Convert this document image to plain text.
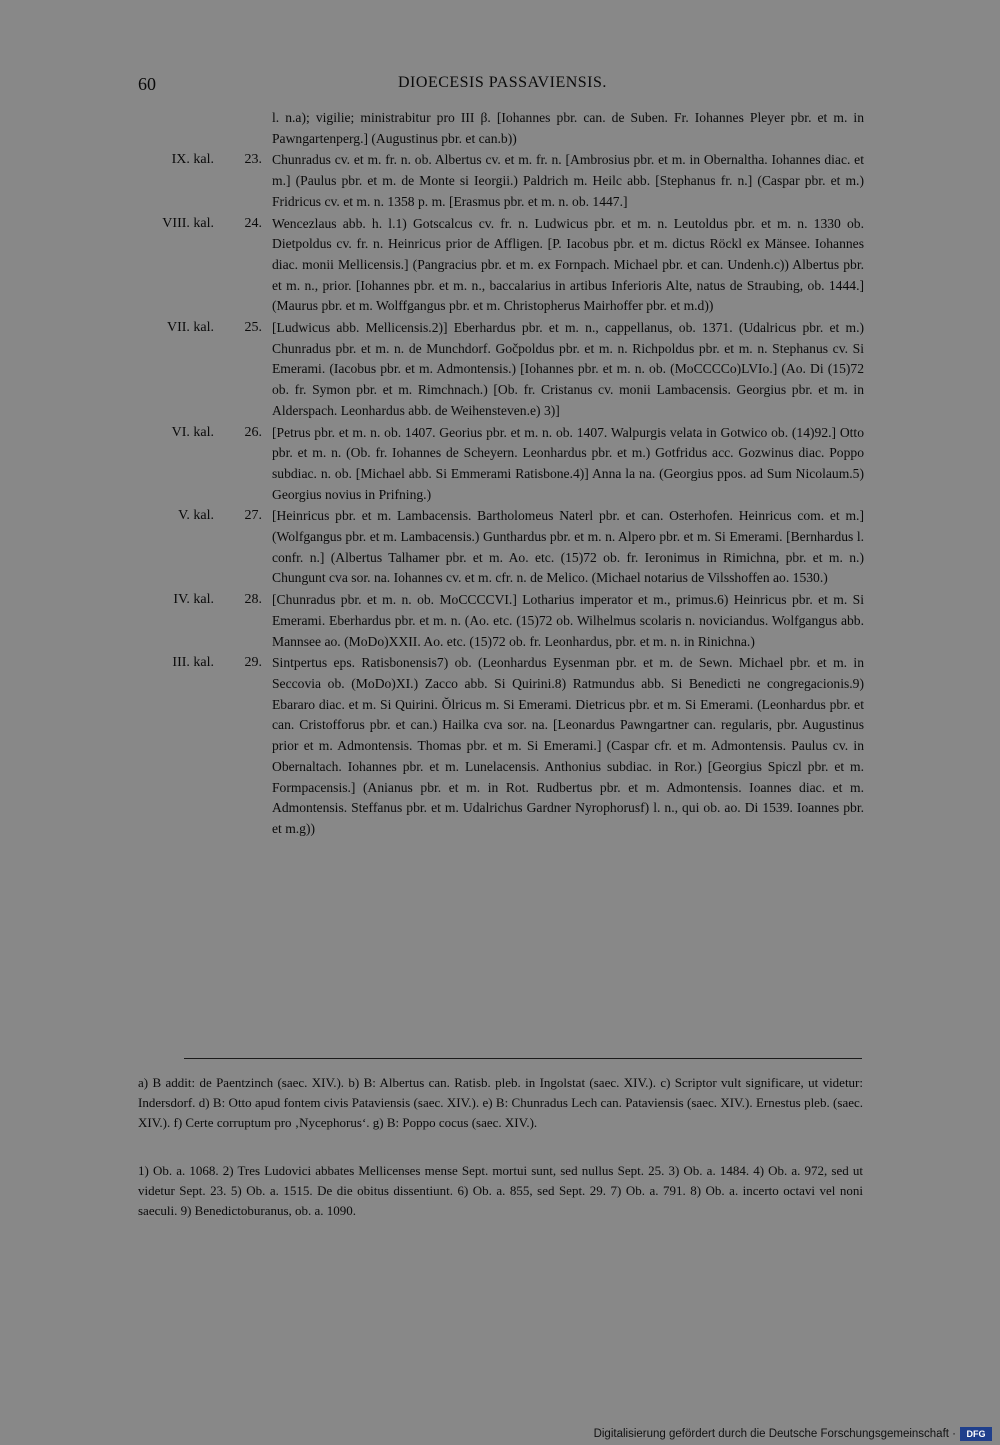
60	DIOECESIS PASSAVIENSIS.
l. n.a); vigilie; ministrabitur pro III β. [Iohannes pbr. can. de Suben. Fr. Iohannes Pleyer pbr. et m. in Pawngartenperg.] (Augustinus pbr. et can.b))
IX. kal. 23. Chunradus cv. et m. fr. n. ob. Albertus cv. et m. fr. n. [Ambrosius pbr. et m. in Obernaltha. Iohannes diac. et m.] (Paulus pbr. et m. de Monte si Ieorgii.) Paldrich m. Heilc abb. [Stephanus fr. n.] (Caspar pbr. et m.) Fridricus cv. et m. n. 1358 p. m. [Erasmus pbr. et m. n. ob. 1447.]
VIII. kal. 24. Wencezlaus abb. h. l.1) Gotscalcus cv. fr. n. Ludwicus pbr. et m. n. Leutoldus pbr. et m. n. 1330 ob. Dietpoldus cv. fr. n. Heinricus prior de Affligen. [P. Iacobus pbr. et m. dictus Röckl ex Mänsee. Iohannes diac. monii Mellicensis.] (Pangracius pbr. et m. ex Fornpach. Michael pbr. et can. Undenh.c)) Albertus pbr. et m. n., prior. [Iohannes pbr. et m. n., baccalarius in artibus Inferioris Alte, natus de Straubing, ob. 1444.] (Maurus pbr. et m. Wolffgangus pbr. et m. Christopherus Mairhoffer pbr. et m.d))
VII. kal. 25. [Ludwicus abb. Mellicensis.2)] Eberhardus pbr. et m. n., cappellanus, ob. 1371. (Udalricus pbr. et m.) Chunradus pbr. et m. n. de Munchdorf. Gočpoldus pbr. et m. n. Richpoldus pbr. et m. n. Stephanus cv. Si Emerami. (Iacobus pbr. et m. Admontensis.) [Iohannes pbr. et m. n. ob. (MoCCCCo)LVIo.] (Ao. Di (15)72 ob. fr. Symon pbr. et m. Rimchnach.) [Ob. fr. Cristanus cv. monii Lambacensis. Georgius pbr. et m. in Alderspach. Leonhardus abb. de Weihensteven.e) 3)]
VI. kal. 26. [Petrus pbr. et m. n. ob. 1407. Georius pbr. et m. n. ob. 1407. Walpurgis velata in Gotwico ob. (14)92.] Otto pbr. et m. n. (Ob. fr. Iohannes de Scheyern. Leonhardus pbr. et m.) Gotfridus acc. Gozwinus diac. Poppo subdiac. n. ob. [Michael abb. Si Emmerami Ratisbone.4)] Anna la na. (Georgius ppos. ad Sum Nicolaum.5) Georgius novius in Prifning.)
V. kal. 27. [Heinricus pbr. et m. Lambacensis. Bartholomeus Naterl pbr. et can. Osterhofen. Heinricus com. et m.] (Wolfgangus pbr. et m. Lambacensis.) Gunthardus pbr. et m. n. Alpero pbr. et m. Si Emerami. [Bernhardus l. confr. n.] (Albertus Talhamer pbr. et m. Ao. etc. (15)72 ob. fr. Ieronimus in Rimichna, pbr. et m. n.) Chungunt cva sor. na. Iohannes cv. et m. cfr. n. de Melico. (Michael notarius de Vilsshoffen ao. 1530.)
IV. kal. 28. [Chunradus pbr. et m. n. ob. MoCCCCVI.] Lotharius imperator et m., primus.6) Heinricus pbr. et m. Si Emerami. Eberhardus pbr. et m. n. (Ao. etc. (15)72 ob. Wilhelmus scolaris n. noviciandus. Wolfgangus abb. Mannsee ao. (MoDo)XXII. Ao. etc. (15)72 ob. fr. Leonhardus, pbr. et m. n. in Rinichna.)
III. kal. 29. Sintpertus eps. Ratisbonensis7) ob. (Leonhardus Eysenman pbr. et m. de Sewn. Michael pbr. et m. in Seccovia ob. (MoDo)XI.) Zacco abb. Si Quirini.8) Ratmundus abb. Si Benedicti ne congregacionis.9) Ebararo diac. et m. Si Quirini. Ŏlricus m. Si Emerami. Dietricus pbr. et m. Si Emerami. (Leonhardus pbr. et can. Cristofforus pbr. et can.) Hailka cva sor. na. [Leonardus Pawngartner can. regularis, pbr. Augustinus prior et m. Admontensis. Thomas pbr. et m. Si Emerami.] (Caspar cfr. et m. Admontensis. Paulus cv. in Obernaltach. Iohannes pbr. et m. Lunelacensis. Anthonius subdiac. in Ror.) [Georgius Spiczl pbr. et m. Formpacensis.] (Anianus pbr. et m. in Rot. Rudbertus pbr. et m. Admontensis. Ioannes diac. et m. Admontensis. Steffanus pbr. et m. Udalrichus Gardner Nyrophorusf) l. n., qui ob. ao. Di 1539. Ioannes pbr. et m.g))
a) B addit: de Paentzinch (saec. XIV.). b) B: Albertus can. Ratisb. pleb. in Ingolstat (saec. XIV.). c) Scriptor vult significare, ut videtur: Indersdorf. d) B: Otto apud fontem civis Pataviensis (saec. XIV.). e) B: Chunradus Lech can. Pataviensis (saec. XIV.). Ernestus pleb. (saec. XIV.). f) Certe corruptum pro ‚Nycephorus‘. g) B: Poppo cocus (saec. XIV.).
1) Ob. a. 1068. 2) Tres Ludovici abbates Mellicenses mense Sept. mortui sunt, sed nullus Sept. 25. 3) Ob. a. 1484. 4) Ob. a. 972, sed ut videtur Sept. 23. 5) Ob. a. 1515. De die obitus dissentiunt. 6) Ob. a. 855, sed Sept. 29. 7) Ob. a. 791. 8) Ob. a. incerto octavi vel noni saeculi. 9) Benedictoburanus, ob. a. 1090.
Digitalisierung gefördert durch die Deutsche Forschungsgemeinschaft ·	DFG
